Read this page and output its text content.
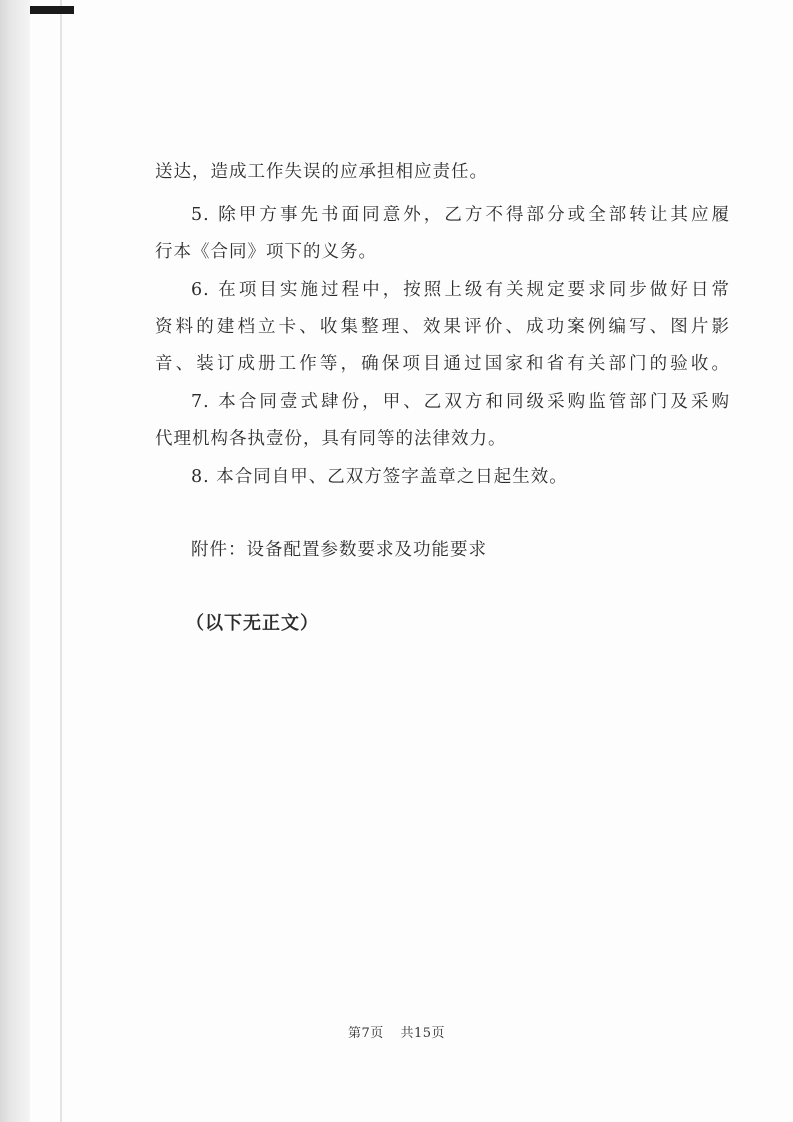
送达，造成工作失误的应承担相应责任。
5. 除甲方事先书面同意外，乙方不得部分或全部转让其应履
行本《合同》项下的义务。
6. 在项目实施过程中，按照上级有关规定要求同步做好日常
资料的建档立卡、收集整理、效果评价、成功案例编写、图片影
音、装订成册工作等，确保项目通过国家和省有关部门的验收。
7. 本合同壹式肆份，甲、乙双方和同级采购监管部门及采购
代理机构各执壹份，具有同等的法律效力。
8. 本合同自甲、乙双方签字盖章之日起生效。
附件：设备配置参数要求及功能要求
（以下无正文）
第7页 共15页
